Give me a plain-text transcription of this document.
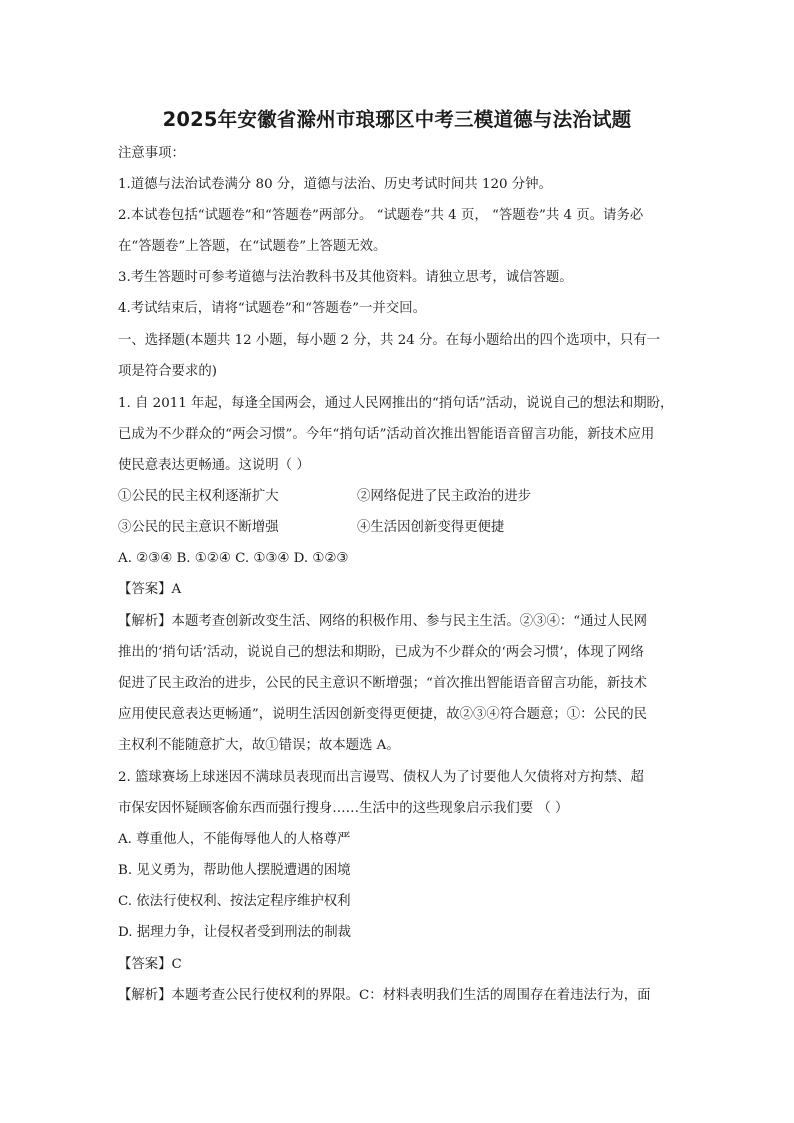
2025年安徽省滁州市琅琊区中考三模道德与法治试题
注意事项：
1.道德与法治试卷满分 80 分，道德与法治、历史考试时间共 120 分钟。
2.本试卷包括“试题卷”和“答题卷”两部分。 “试题卷”共 4 页， “答题卷”共 4 页。请务必
在“答题卷”上答题，在“试题卷”上答题无效。
3.考生答题时可参考道德与法治教科书及其他资料。请独立思考，诚信答题。
4.考试结束后，请将“试题卷”和“答题卷”一并交回。
一、选择题(本题共 12 小题，每小题 2 分，共 24 分。在每小题给出的四个选项中，只有一
项是符合要求的)
1. 自 2011 年起，每逢全国两会，通过人民网推出的“捎句话”活动，说说自己的想法和期盼，
已成为不少群众的“两会习惯”。今年“捎句话”活动首次推出智能语音留言功能，新技术应用
使民意表达更畅通。这说明（ ）
①公民的民主权利逐渐扩大	②网络促进了民主政治的进步
③公民的民主意识不断增强	④生活因创新变得更便捷
A. ②③④ B. ①②④ C. ①③④ D. ①②③
【答案】A
【解析】本题考查创新改变生活、网络的积极作用、参与民主生活。②③④：“通过人民网
推出的‘捎句话’活动，说说自己的想法和期盼，已成为不少群众的‘两会习惯’，体现了网络
促进了民主政治的进步，公民的民主意识不断增强；“首次推出智能语音留言功能，新技术
应用使民意表达更畅通”，说明生活因创新变得更便捷，故②③④符合题意；①：公民的民
主权利不能随意扩大，故①错误；故本题选 A。
2. 篮球赛场上球迷因不满球员表现而出言谩骂、债权人为了讨要他人欠债将对方拘禁、超
市保安因怀疑顾客偷东西而强行搜身……生活中的这些现象启示我们要 （ ）
A. 尊重他人，不能侮辱他人的人格尊严
B. 见义勇为，帮助他人摆脱遭遇的困境
C. 依法行使权利、按法定程序维护权利
D. 据理力争，让侵权者受到刑法的制裁
【答案】C
【解析】本题考查公民行使权利的界限。C：材料表明我们生活的周围存在着违法行为，面
